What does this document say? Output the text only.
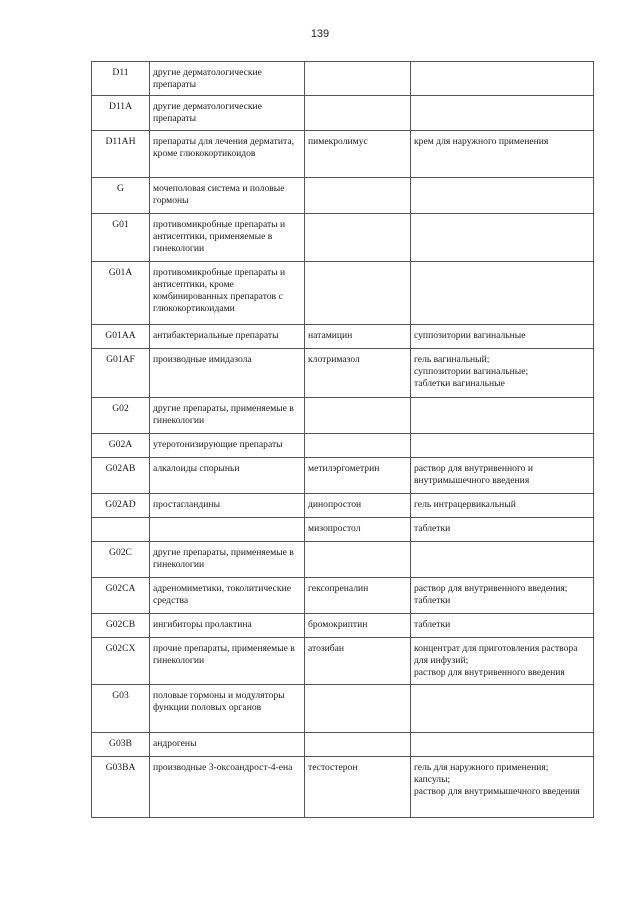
139
D11	другие дерматологические препараты		
D11A	другие дерматологические препараты		
D11AH	препараты для лечения дерматита, кроме глюкокортикоидов	пимекролимус	крем для наружного применения
G	мочеполовая система и половые гормоны		
G01	противомикробные препараты и антисептики, применяемые в гинекологии		
G01A	противомикробные препараты и антисептики, кроме комбинированных препаратов с глюкокортикоидами		
G01AA	антибактериальные препараты	натамицин	суппозитории вагинальные
G01AF	производные имидазола	клотримазол	гель вагинальный;
суппозитории вагинальные;
таблетки вагинальные
G02	другие препараты, применяемые в гинекологии		
G02A	утеротонизирующие препараты		
G02AB	алкалоиды спорыньи	метилэргометрин	раствор для внутривенного и внутримышечного введения
G02AD	простагландины	динопростон	гель интрацервикальный
		мизопростол	таблетки
G02C	другие препараты, применяемые в гинекологии		
G02CA	адреномиметики, токолитические средства	гексопреналин	раствор для внутривенного введения;
таблетки
G02CB	ингибиторы пролактина	бромокриптин	таблетки
G02CX	прочие препараты, применяемые в гинекологии	атозибан	концентрат для приготовления раствора для инфузий;
раствор для внутривенного введения
G03	половые гормоны и модуляторы функции половых органов		
G03B	андрогены		
G03BA	производные 3-оксоандрост-4-ена	тестостерон	гель для наружного применения;
капсулы;
раствор для внутримышечного введения
